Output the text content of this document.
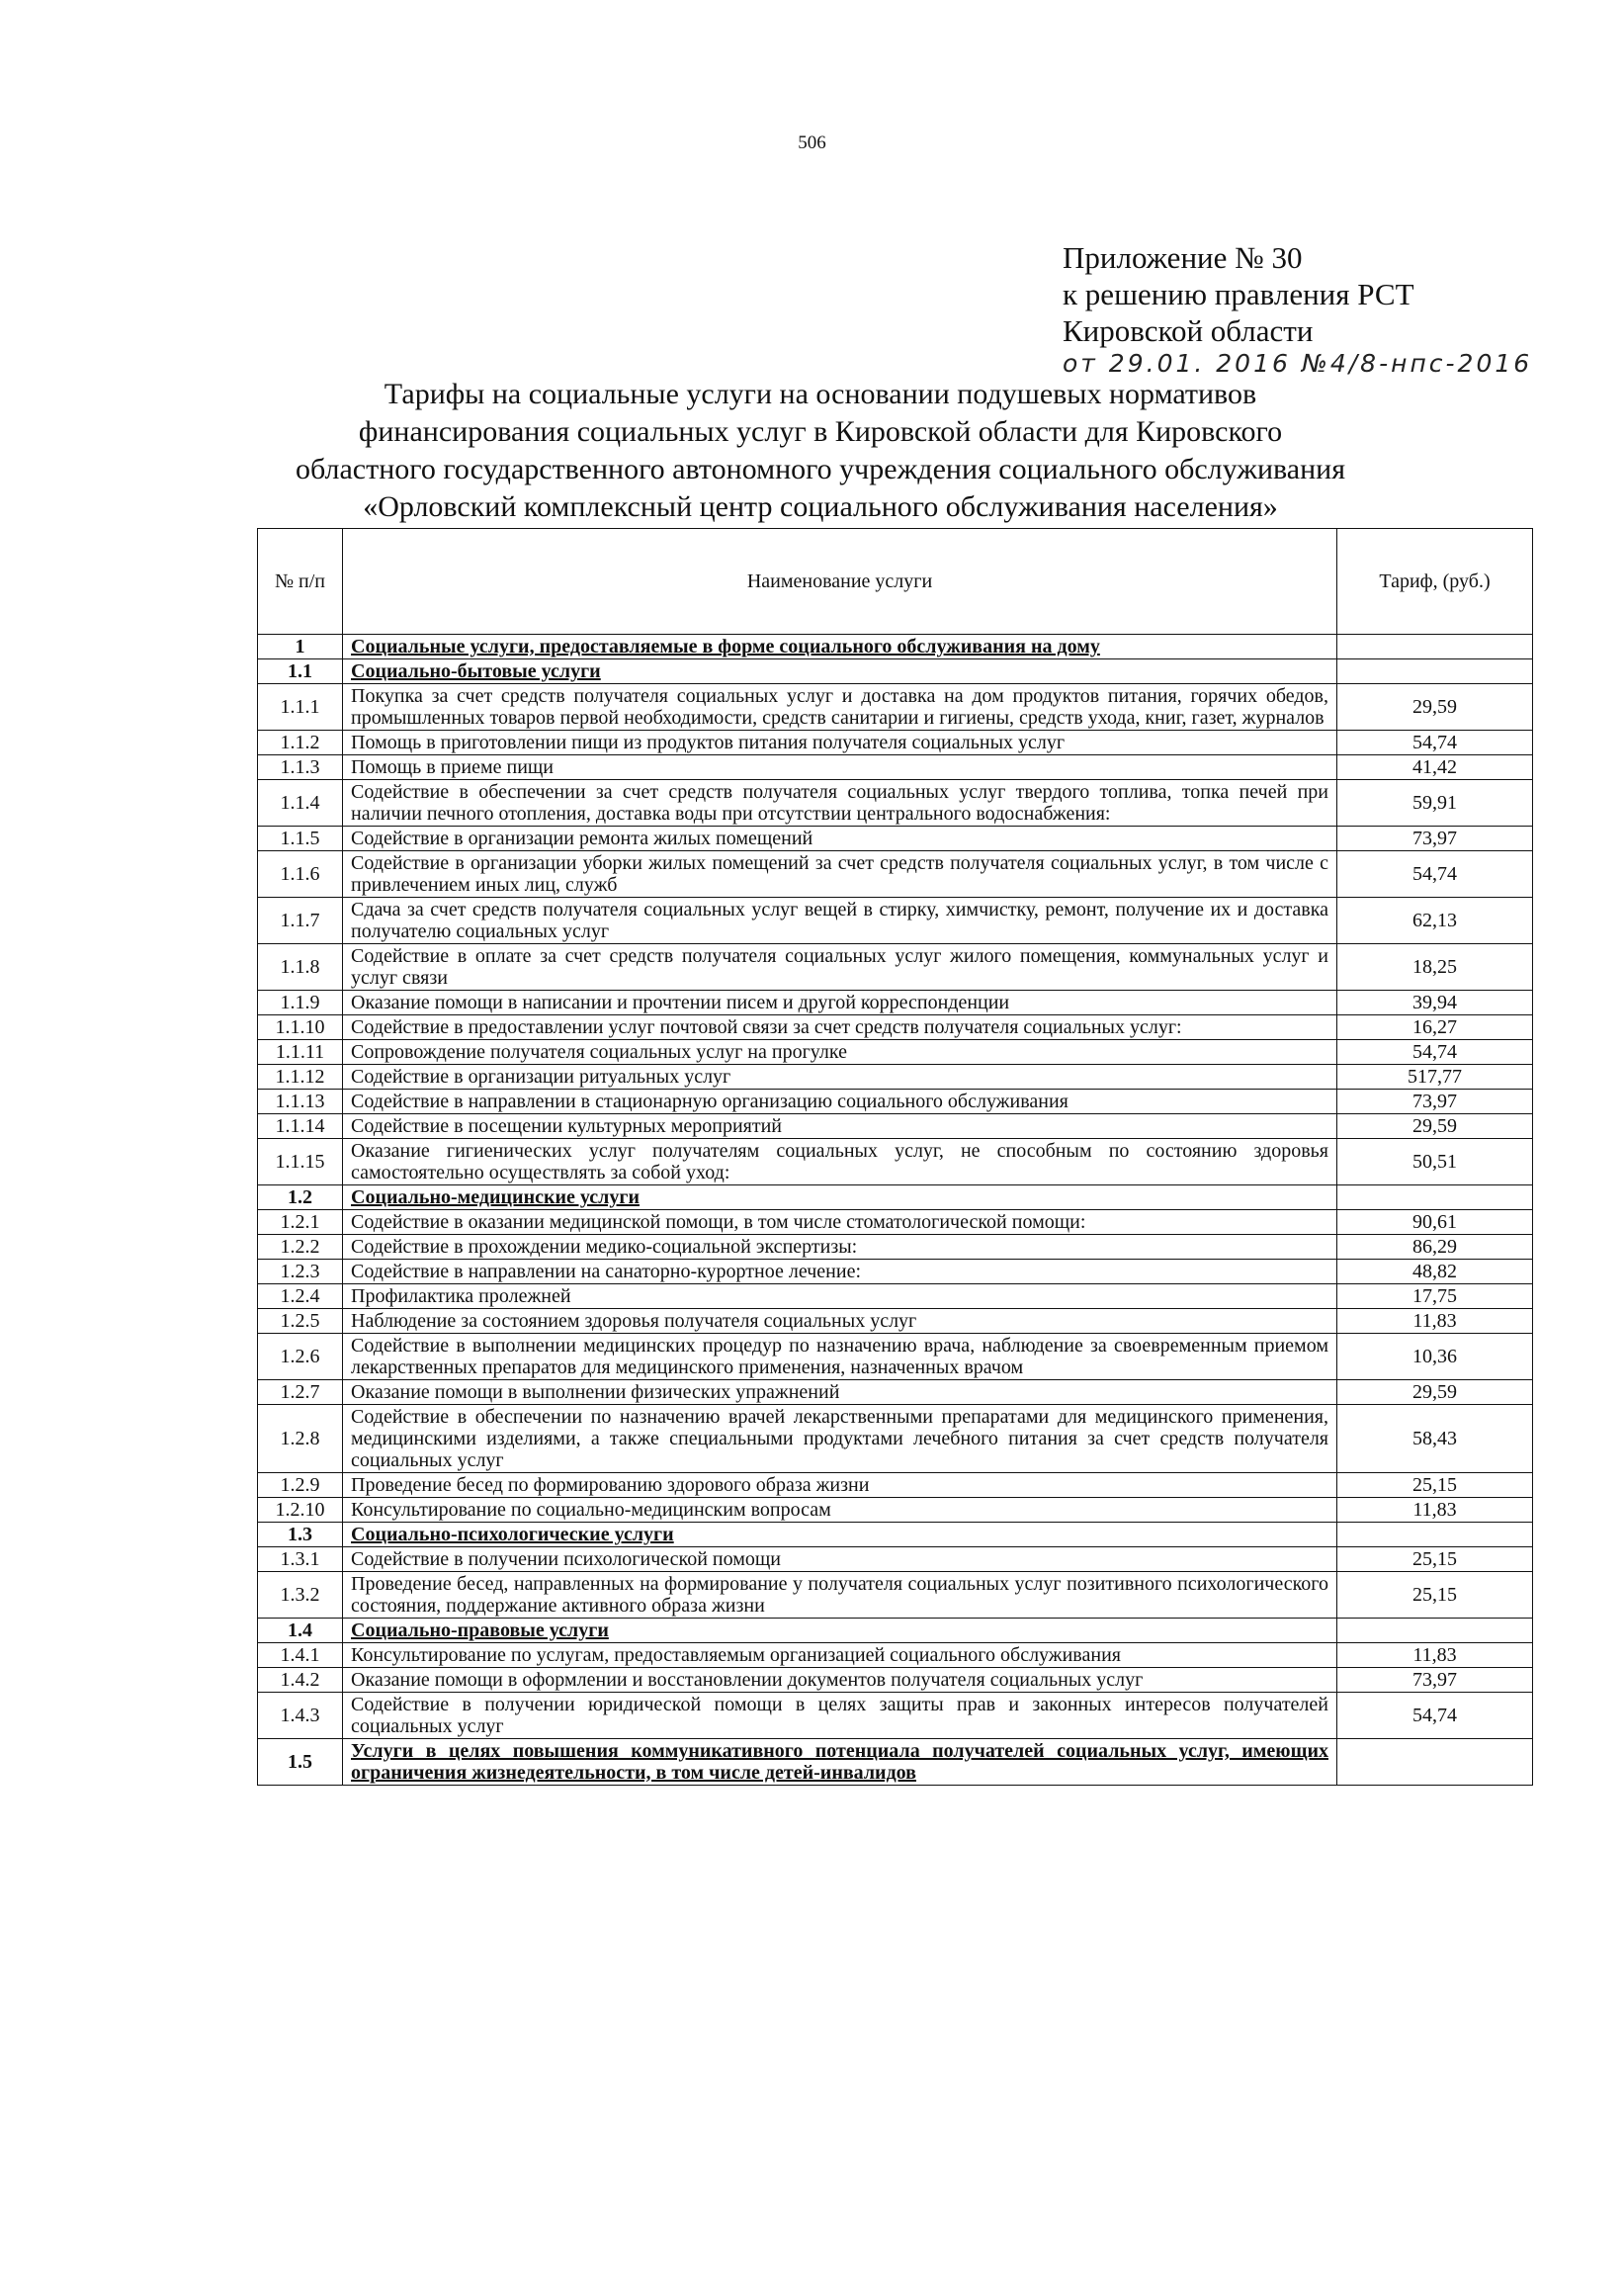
506
Приложение № 30
к решению правления РСТ
Кировской области
от 29.01. 2016 №4/8-нпс-2016
Тарифы на социальные услуги на основании подушевых нормативов
финансирования социальных услуг в Кировской области для Кировского
областного государственного автономного учреждения социального обслуживания
«Орловский комплексный центр социального обслуживания населения»
№ п/п	Наименование услуги	Тариф, (руб.)
1	Социальные услуги, предоставляемые в форме социального обслуживания на дому	
1.1	Социально-бытовые услуги	
1.1.1	Покупка за счет средств получателя социальных услуг и доставка на дом продуктов питания, горячих обедов, промышленных товаров первой необходимости, средств санитарии и гигиены, средств ухода, книг, газет, журналов	29,59
1.1.2	Помощь в приготовлении пищи из продуктов питания получателя социальных услуг	54,74
1.1.3	Помощь в приеме пищи	41,42
1.1.4	Содействие в обеспечении за счет средств получателя социальных услуг твердого топлива, топка печей при наличии печного отопления, доставка воды при отсутствии центрального водоснабжения:	59,91
1.1.5	Содействие в организации ремонта жилых помещений	73,97
1.1.6	Содействие в организации уборки жилых помещений за счет средств получателя социальных услуг, в том числе с привлечением иных лиц, служб	54,74
1.1.7	Сдача за счет средств получателя социальных услуг вещей в стирку, химчистку, ремонт, получение их и доставка получателю социальных услуг	62,13
1.1.8	Содействие в оплате за счет средств получателя социальных услуг жилого помещения, коммунальных услуг и услуг связи	18,25
1.1.9	Оказание помощи в написании и прочтении писем и другой корреспонденции	39,94
1.1.10	Содействие в предоставлении услуг почтовой связи за счет средств получателя социальных услуг:	16,27
1.1.11	Сопровождение получателя социальных услуг на прогулке	54,74
1.1.12	Содействие в организации ритуальных услуг	517,77
1.1.13	Содействие в направлении в стационарную организацию социального обслуживания	73,97
1.1.14	Содействие в посещении культурных мероприятий	29,59
1.1.15	Оказание гигиенических услуг получателям социальных услуг, не способным по состоянию здоровья самостоятельно осуществлять за собой уход:	50,51
1.2	Социально-медицинские услуги	
1.2.1	Содействие в оказании медицинской помощи, в том числе стоматологической помощи:	90,61
1.2.2	Содействие в прохождении медико-социальной экспертизы:	86,29
1.2.3	Содействие в направлении на санаторно-курортное лечение:	48,82
1.2.4	Профилактика пролежней	17,75
1.2.5	Наблюдение за состоянием здоровья получателя социальных услуг	11,83
1.2.6	Содействие в выполнении медицинских процедур по назначению врача, наблюдение за своевременным приемом лекарственных препаратов для медицинского применения, назначенных врачом	10,36
1.2.7	Оказание помощи в выполнении физических упражнений	29,59
1.2.8	Содействие в обеспечении по назначению врачей лекарственными препаратами для медицинского применения, медицинскими изделиями, а также специальными продуктами лечебного питания за счет средств получателя социальных услуг	58,43
1.2.9	Проведение бесед по формированию здорового образа жизни	25,15
1.2.10	Консультирование по социально-медицинским вопросам	11,83
1.3	Социально-психологические услуги	
1.3.1	Содействие в получении психологической помощи	25,15
1.3.2	Проведение бесед, направленных на формирование у получателя социальных услуг позитивного психологического состояния, поддержание активного образа жизни	25,15
1.4	Социально-правовые услуги	
1.4.1	Консультирование по услугам, предоставляемым организацией социального обслуживания	11,83
1.4.2	Оказание помощи в оформлении и восстановлении документов получателя социальных услуг	73,97
1.4.3	Содействие в получении юридической помощи в целях защиты прав и законных интересов получателей социальных услуг	54,74
1.5	Услуги в целях повышения коммуникативного потенциала получателей социальных услуг, имеющих ограничения жизнедеятельности, в том числе детей-инвалидов	
